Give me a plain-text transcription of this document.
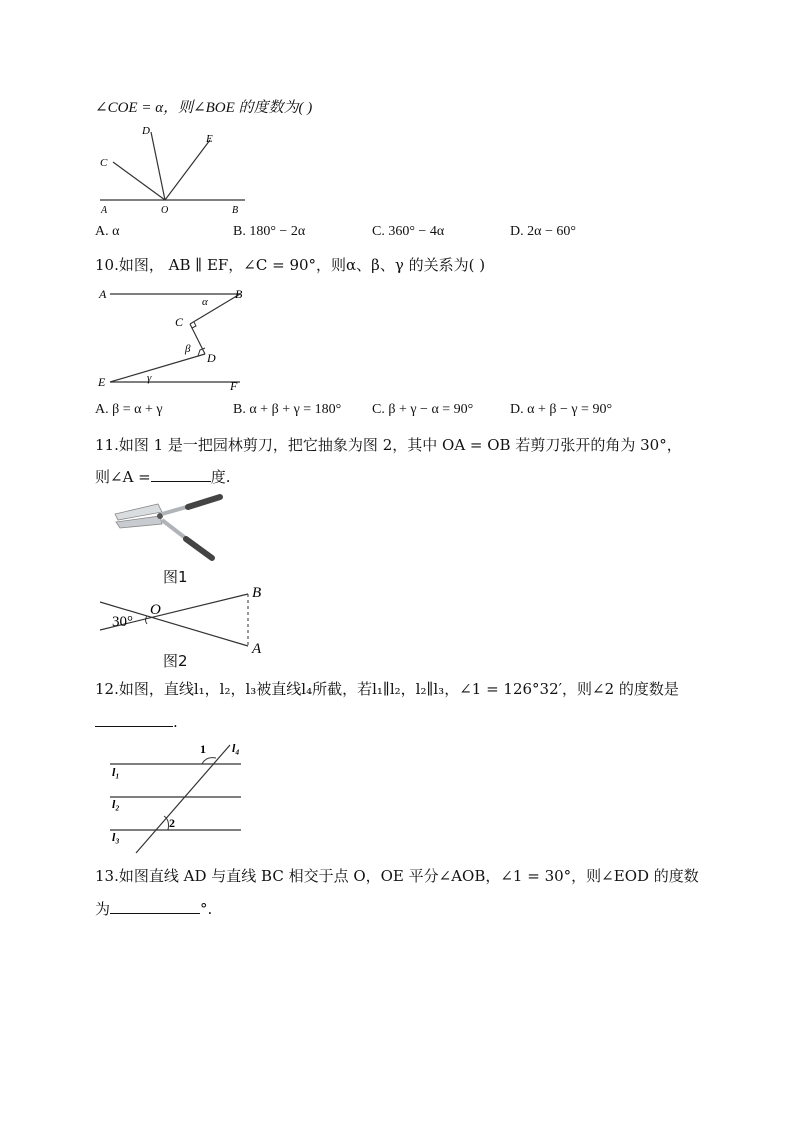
∠COE = α，则∠BOE 的度数为( )
C
D
E
A	O	B
A. α	B. 180° − 2α	C. 360° − 4α	D. 2α − 60°
10.如图， AB ∥ EF，∠C = 90°，则α、β、γ 的关系为( )
A	B
C
D
E	F
α
β
γ
A. β = α + γ	B. α + β + γ = 180° C. β + γ − α = 90°	D. α + β − γ = 90°
11.如图 1 是一把园林剪刀，把它抽象为图 2，其中 OA = OB 若剪刀张开的角为 30°，
则∠A =	度.
图1
O
B
A
30°
图2
12.如图，直线l₁，l₂，l₃被直线l₄所截，若l₁∥l₂，l₂∥l₃，∠1 = 126°32′，则∠2 的度数是
.
1
2
l₁
l₂
l₃
l₄
13.如图直线 AD 与直线 BC 相交于点 O，OE 平分∠AOB，∠1 = 30°，则∠EOD 的度数
为	°.
